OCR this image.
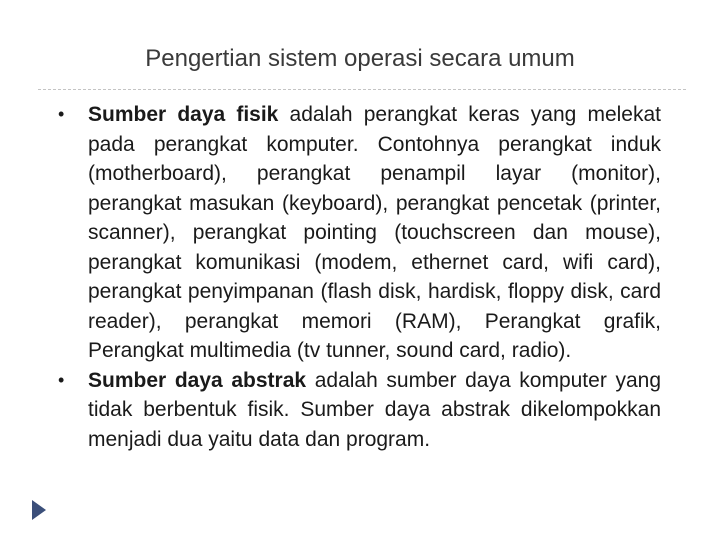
Pengertian sistem operasi secara umum
•	Sumber daya fisik adalah perangkat keras yang melekat pada perangkat komputer. Contohnya perangkat induk (motherboard), perangkat penampil layar (monitor), perangkat masukan (keyboard), perangkat pencetak (printer, scanner), perangkat pointing (touchscreen dan mouse), perangkat komunikasi (modem, ethernet card, wifi card), perangkat penyimpanan (flash disk, hardisk, floppy disk, card reader), perangkat memori (RAM), Perangkat grafik, Perangkat multimedia (tv tunner, sound card, radio).
•	Sumber daya abstrak adalah sumber daya komputer yang tidak berbentuk fisik. Sumber daya abstrak dikelompokkan menjadi dua yaitu data dan program.
